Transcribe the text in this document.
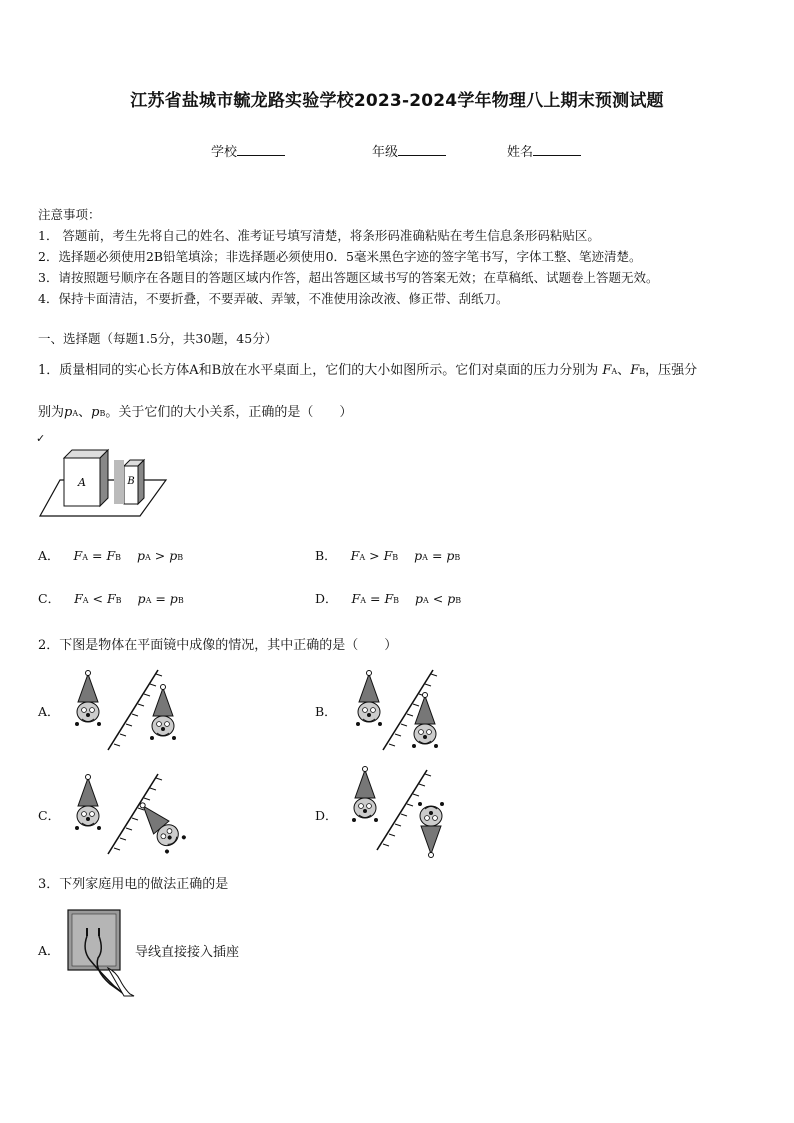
江苏省盐城市毓龙路实验学校2023-2024学年物理八上期末预测试题
学校	年级	姓名
注意事项：
1． 答题前，考生先将自己的姓名、准考证号填写清楚，将条形码准确粘贴在考生信息条形码粘贴区。
2．选择题必须使用2B铅笔填涂；非选择题必须使用0．5毫米黑色字迹的签字笔书写，字体工整、笔迹清楚。
3．请按照题号顺序在各题目的答题区域内作答，超出答题区域书写的答案无效；在草稿纸、试题卷上答题无效。
4．保持卡面清洁，不要折叠，不要弄破、弄皱，不准使用涂改液、修正带、刮纸刀。
一、选择题（每题1.5分，共30题，45分）
1．质量相同的实心长方体A和B放在水平桌面上，它们的大小如图所示。它们对桌面的压力分别为 FA、FB，压强分
别为pA、pB。关于它们的大小关系，正确的是（　　）
✓
A	B
A． FA = FB pA > pB	B． FA > FB pA = pB
C． FA < FB pA = pB	D． FA = FB pA < pB
2．下图是物体在平面镜中成像的情况，其中正确的是（　　）
A．	B．
C．	D．
3．下列家庭用电的做法正确的是
A．	导线直接接入插座
